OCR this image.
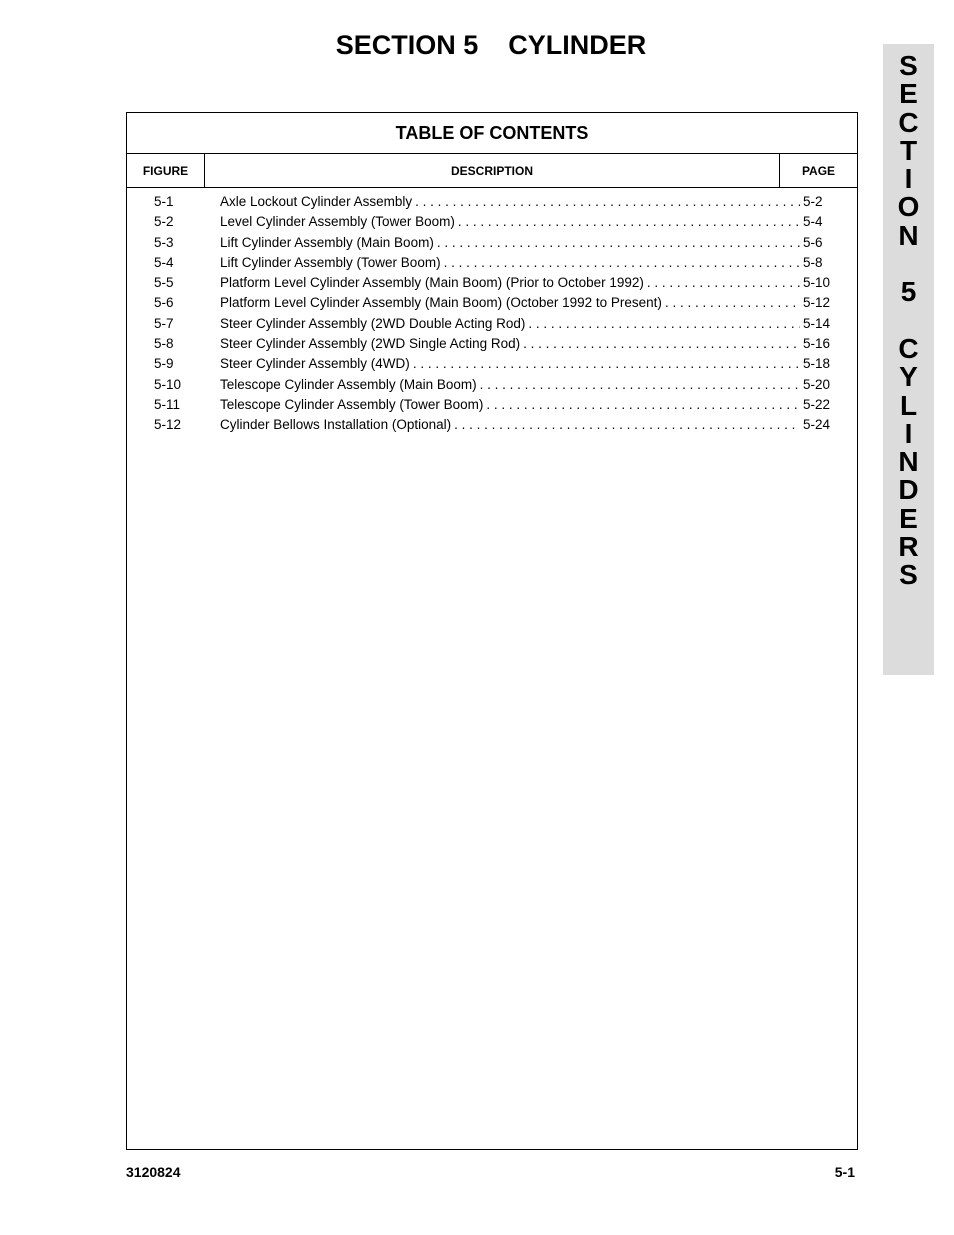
SECTION 5    CYLINDER
S
E
C
T
I
O
N
5
C
Y
L
I
N
D
E
R
S
TABLE OF CONTENTS
FIGURE	DESCRIPTION	PAGE
5-1	Axle Lockout Cylinder Assembly . . .	5-2
5-2	Level Cylinder Assembly (Tower Boom) . . .	5-4
5-3	Lift Cylinder Assembly (Main Boom) . . .	5-6
5-4	Lift Cylinder Assembly (Tower Boom) . . .	5-8
5-5	Platform Level Cylinder Assembly (Main Boom) (Prior to October 1992) . . .	5-10
5-6	Platform Level Cylinder Assembly (Main Boom) (October 1992 to Present) . . .	5-12
5-7	Steer Cylinder Assembly (2WD Double Acting Rod) . . .	5-14
5-8	Steer Cylinder Assembly (2WD Single Acting Rod) . . .	5-16
5-9	Steer Cylinder Assembly (4WD) . . .	5-18
5-10	Telescope Cylinder Assembly (Main Boom) . . .	5-20
5-11	Telescope Cylinder Assembly (Tower Boom) . . .	5-22
5-12	Cylinder Bellows Installation (Optional) . . .	5-24
3120824	5-1
